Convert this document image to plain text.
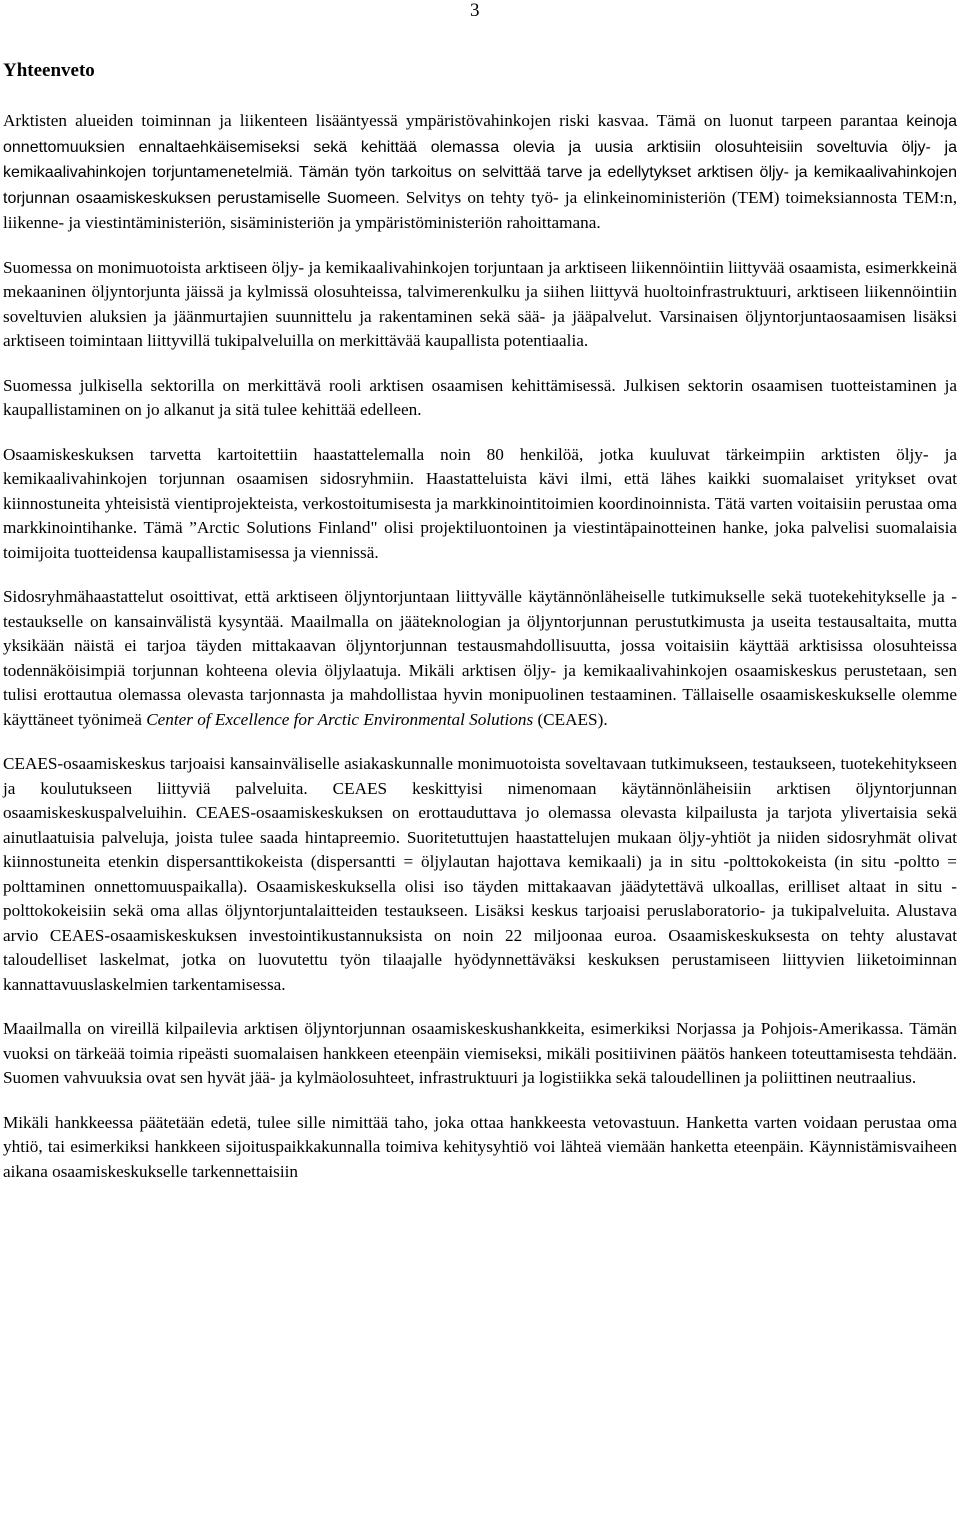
3
Yhteenveto

Arktisten alueiden toiminnan ja liikenteen lisääntyessä ympäristövahinkojen riski kasvaa. Tämä on luonut tarpeen parantaa keinoja onnettomuuksien ennaltaehkäisemiseksi sekä kehittää olemassa olevia ja uusia arktisiin olosuhteisiin soveltuvia öljy- ja kemikaalivahinkojen torjuntamenetelmiä. Tämän työn tarkoitus on selvittää tarve ja edellytykset arktisen öljy- ja kemikaalivahinkojen torjunnan osaamiskeskuksen perustamiselle Suomeen. Selvitys on tehty työ- ja elinkeinoministeriön (TEM) toimeksiannosta TEM:n, liikenne- ja viestintäministeriön, sisäministeriön ja ympäristöministeriön rahoittamana.

Suomessa on monimuotoista arktiseen öljy- ja kemikaalivahinkojen torjuntaan ja arktiseen liikennöintiin liittyvää osaamista, esimerkkeinä mekaaninen öljyntorjunta jäissä ja kylmissä olosuhteissa, talvimerenkulku ja siihen liittyvä huoltoinfrastruktuuri, arktiseen liikennöintiin soveltuvien aluksien ja jäänmurtajien suunnittelu ja rakentaminen sekä sää- ja jääpalvelut. Varsinaisen öljyntorjuntaosaamisen lisäksi arktiseen toimintaan liittyvillä tukipalveluilla on merkittävää kaupallista potentiaalia.

Suomessa julkisella sektorilla on merkittävä rooli arktisen osaamisen kehittämisessä. Julkisen sektorin osaamisen tuotteistaminen ja kaupallistaminen on jo alkanut ja sitä tulee kehittää edelleen.

Osaamiskeskuksen tarvetta kartoitettiin haastattelemalla noin 80 henkilöä, jotka kuuluvat tärkeimpiin arktisten öljy- ja kemikaalivahinkojen torjunnan osaamisen sidosryhmiin. Haastatteluista kävi ilmi, että lähes kaikki suomalaiset yritykset ovat kiinnostuneita yhteisistä vientiprojekteista, verkostoitumisesta ja markkinointitoimien koordinoinnista. Tätä varten voitaisiin perustaa oma markkinointihanke. Tämä ”Arctic Solutions Finland" olisi projektiluontoinen ja viestintäpainotteinen hanke, joka palvelisi suomalaisia toimijoita tuotteidensa kaupallistamisessa ja viennissä.

Sidosryhmähaastattelut osoittivat, että arktiseen öljyntorjuntaan liittyvälle käytännönläheiselle tutkimukselle sekä tuotekehitykselle ja -testaukselle on kansainvälistä kysyntää. Maailmalla on jääteknologian ja öljyntorjunnan perustutkimusta ja useita testausaltaita, mutta yksikään näistä ei tarjoa täyden mittakaavan öljyntorjunnan testausmahdollisuutta, jossa voitaisiin käyttää arktisissa olosuhteissa todennäköisimpiä torjunnan kohteena olevia öljylaatuja. Mikäli arktisen öljy- ja kemikaalivahinkojen osaamiskeskus perustetaan, sen tulisi erottautua olemassa olevasta tarjonnasta ja mahdollistaa hyvin monipuolinen testaaminen. Tällaiselle osaamiskeskukselle olemme käyttäneet työnimeä Center of Excellence for Arctic Environmental Solutions (CEAES).

CEAES-osaamiskeskus tarjoaisi kansainväliselle asiakaskunnalle monimuotoista soveltavaan tutkimukseen, testaukseen, tuotekehitykseen ja koulutukseen liittyviä palveluita. CEAES keskittyisi nimenomaan käytännönläheisiin arktisen öljyntorjunnan osaamiskeskuspalveluihin. CEAES-osaamiskeskuksen on erottauduttava jo olemassa olevasta kilpailusta ja tarjota ylivertaisia sekä ainutlaatuisia palveluja, joista tulee saada hintapreemio. Suoritetuttujen haastattelujen mukaan öljy-yhtiöt ja niiden sidosryhmät olivat kiinnostuneita etenkin dispersanttikokeista (dispersantti = öljylautan hajottava kemikaali) ja in situ -polttokokeista (in situ -poltto = polttaminen onnettomuuspaikalla). Osaamiskeskuksella olisi iso täyden mittakaavan jäädytettävä ulkoallas, erilliset altaat in situ -polttokokeisiin sekä oma allas öljyntorjuntalaitteiden testaukseen. Lisäksi keskus tarjoaisi peruslaboratorio- ja tukipalveluita. Alustava arvio CEAES-osaamiskeskuksen investointikustannuksista on noin 22 miljoonaa euroa. Osaamiskeskuksesta on tehty alustavat taloudelliset laskelmat, jotka on luovutettu työn tilaajalle hyödynnettäväksi keskuksen perustamiseen liittyvien liiketoiminnan kannattavuuslaskelmien tarkentamisessa.

Maailmalla on vireillä kilpailevia arktisen öljyntorjunnan osaamiskeskushankkeita, esimerkiksi Norjassa ja Pohjois-Amerikassa. Tämän vuoksi on tärkeää toimia ripeästi suomalaisen hankkeen eteenpäin viemiseksi, mikäli positiivinen päätös hankeen toteuttamisesta tehdään. Suomen vahvuuksia ovat sen hyvät jää- ja kylmäolosuhteet, infrastruktuuri ja logistiikka sekä taloudellinen ja poliittinen neutraalius.

Mikäli hankkeessa päätetään edetä, tulee sille nimittää taho, joka ottaa hankkeesta vetovastuun. Hanketta varten voidaan perustaa oma yhtiö, tai esimerkiksi hankkeen sijoituspaikkakunnalla toimiva kehitysyhtiö voi lähteä viemään hanketta eteenpäin. Käynnistämisvaiheen aikana osaamiskeskukselle tarkennettaisiin
